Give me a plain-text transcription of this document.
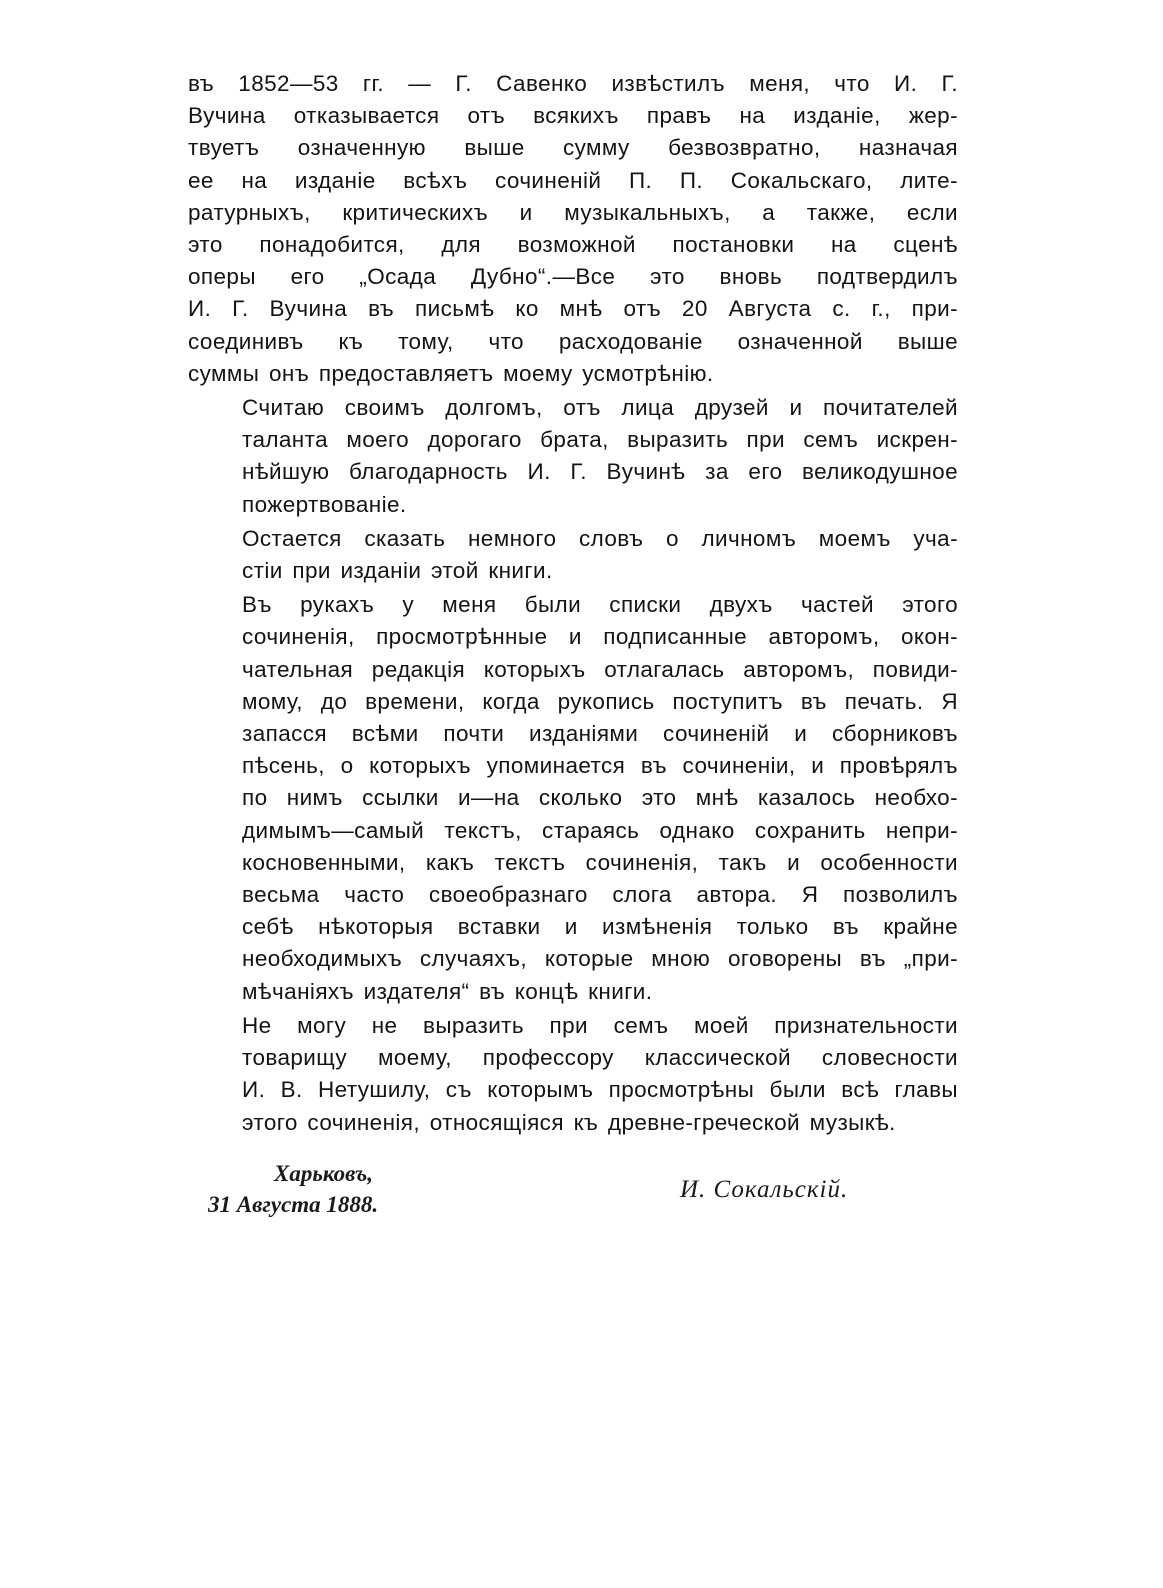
въ 1852—53 гг. — Г. Савенко извѣстилъ меня, что И. Г.
Вучина отказывается отъ всякихъ правъ на изданіе, жер-
твуетъ означенную выше сумму безвозвратно, назначая
ее на изданіе всѣхъ сочиненій П. П. Сокальскаго, лите-
ратурныхъ, критическихъ и музыкальныхъ, а также, если
это понадобится, для возможной постановки на сценѣ
оперы его „Осада Дубно“.—Все это вновь подтвердилъ
И. Г. Вучина въ письмѣ ко мнѣ отъ 20 Августа с. г., при-
соединивъ къ тому, что расходованіе означенной выше
суммы онъ предоставляетъ моему усмотрѣнію.

Считаю своимъ долгомъ, отъ лица друзей и почитателей
таланта моего дорогаго брата, выразить при семъ искрен-
нѣйшую благодарность И. Г. Вучинѣ за его великодушное
пожертвованіе.

Остается сказать немного словъ о личномъ моемъ уча-
стіи при изданіи этой книги.

Въ рукахъ у меня были списки двухъ частей этого
сочиненія, просмотрѣнные и подписанные авторомъ, окон-
чательная редакція которыхъ отлагалась авторомъ, повиди-
мому, до времени, когда рукопись поступитъ въ печать. Я
запасся всѣми почти изданіями сочиненій и сборниковъ
пѣсень, о которыхъ упоминается въ сочиненіи, и провѣрялъ
по нимъ ссылки и—на сколько это мнѣ казалось необхо-
димымъ—самый текстъ, стараясь однако сохранить непри-
косновенными, какъ текстъ сочиненія, такъ и особенности
весьма часто своеобразнаго слога автора. Я позволилъ
себѣ нѣкоторыя вставки и измѣненія только въ крайне
необходимыхъ случаяхъ, которые мною оговорены въ „при-
мѣчаніяхъ издателя“ въ концѣ книги.

Не могу не выразить при семъ моей признательности
товарищу моему, профессору классической словесности
И. В. Нетушилу, съ которымъ просмотрѣны были всѣ главы
этого сочиненія, относящіяся къ древне-греческой музыкѣ.

Харьковъ,
31 Августа 1888.
И. Сокальскій.
